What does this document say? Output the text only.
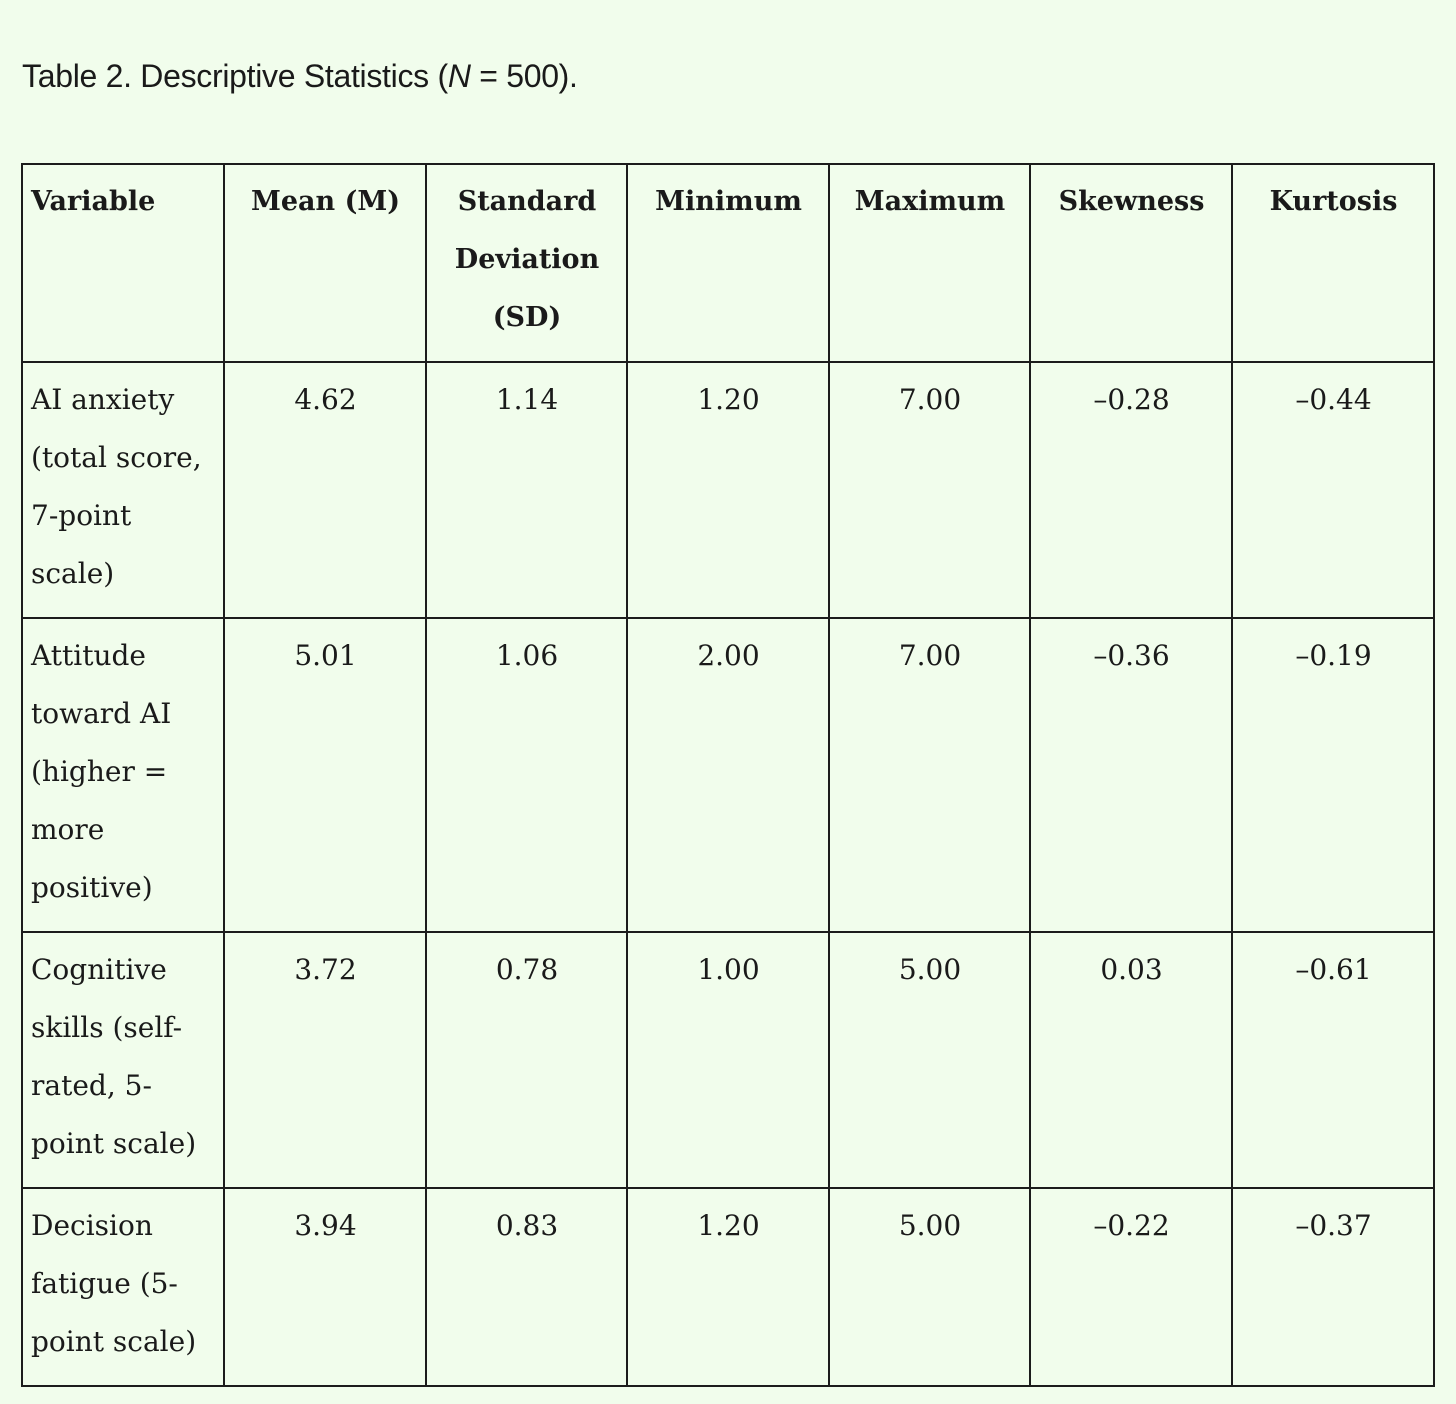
Table 2. Descriptive Statistics (N = 500).
Variable	Mean (M)	Standard Deviation (SD)	Minimum	Maximum	Skewness	Kurtosis
AI anxiety (total score, 7-point scale)	4.62	1.14	1.20	7.00	–0.28	–0.44
Attitude toward AI (higher = more positive)	5.01	1.06	2.00	7.00	–0.36	–0.19
Cognitive skills (self-rated, 5-point scale)	3.72	0.78	1.00	5.00	0.03	–0.61
Decision fatigue (5-point scale)	3.94	0.83	1.20	5.00	–0.22	–0.37
